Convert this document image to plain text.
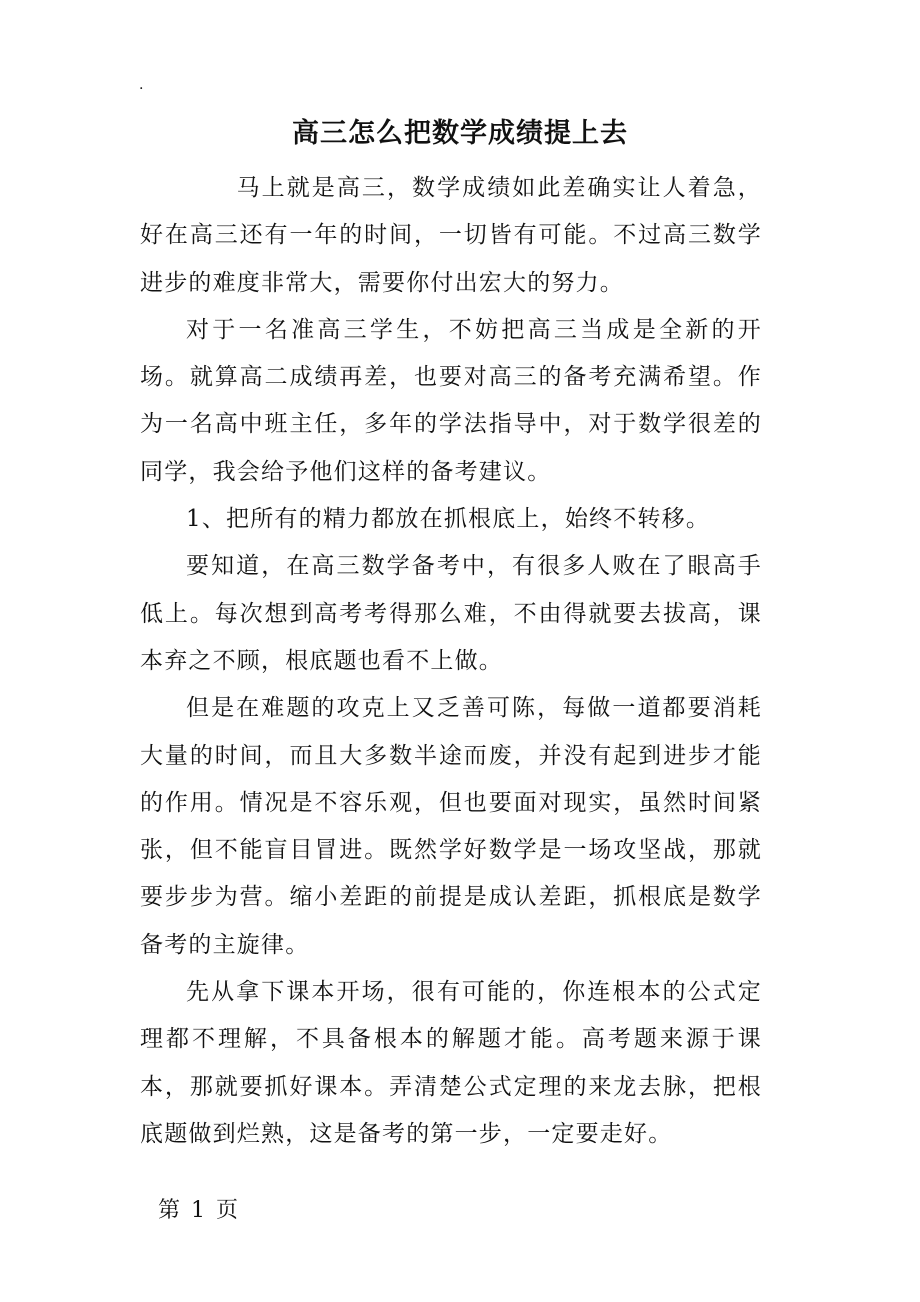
.
高三怎么把数学成绩提上去

马上就是高三，数学成绩如此差确实让人着急，好在高三还有一年的时间，一切皆有可能。不过高三数学进步的难度非常大，需要你付出宏大的努力。

对于一名准高三学生，不妨把高三当成是全新的开场。就算高二成绩再差，也要对高三的备考充满希望。作为一名高中班主任，多年的学法指导中，对于数学很差的同学，我会给予他们这样的备考建议。

1、把所有的精力都放在抓根底上，始终不转移。

要知道，在高三数学备考中，有很多人败在了眼高手低上。每次想到高考考得那么难，不由得就要去拔高，课本弃之不顾，根底题也看不上做。

但是在难题的攻克上又乏善可陈，每做一道都要消耗大量的时间，而且大多数半途而废，并没有起到进步才能的作用。情况是不容乐观，但也要面对现实，虽然时间紧张，但不能盲目冒进。既然学好数学是一场攻坚战，那就要步步为营。缩小差距的前提是成认差距，抓根底是数学备考的主旋律。

先从拿下课本开场，很有可能的，你连根本的公式定理都不理解，不具备根本的解题才能。高考题来源于课本，那就要抓好课本。弄清楚公式定理的来龙去脉，把根底题做到烂熟，这是备考的第一步，一定要走好。

第 1 页
